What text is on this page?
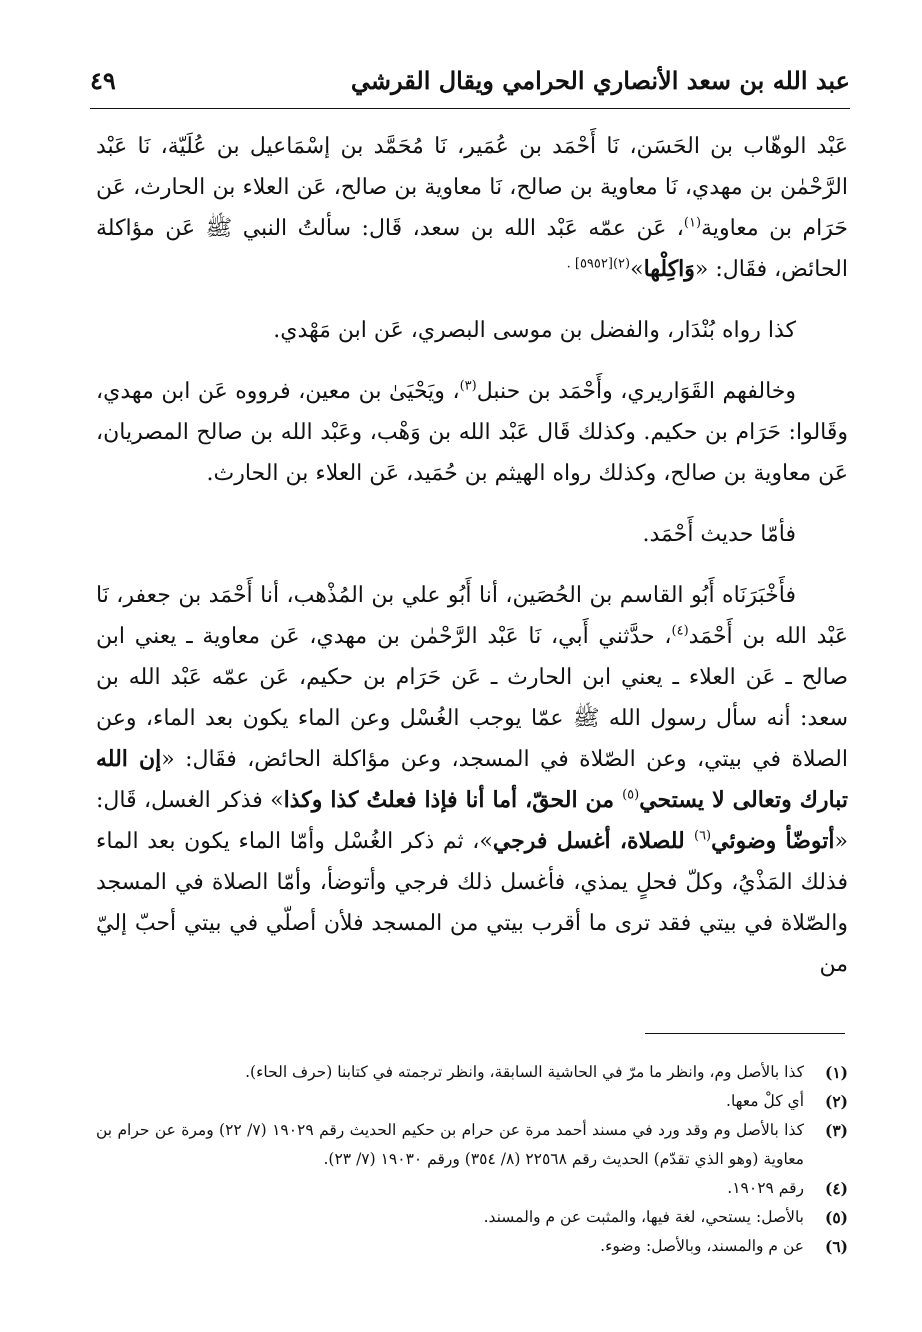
عبد الله بن سعد الأنصاري الحرامي ويقال القرشي
٤٩

عَبْد الوهّاب بن الحَسَن، نَا أَحْمَد بن عُمَير، نَا مُحَمَّد بن إسْمَاعيل بن عُلَيّة، نَا عَبْد الرَّحْمٰن بن مهدي، نَا معاوية بن صالح، نَا معاوية بن صالح، عَن العلاء بن الحارث، عَن حَرَام بن معاوية$^{(١)}$، عَن عمّه عَبْد الله بن سعد، قَال: سألتُ النبي ﷺ عَن مؤاكلة الحائض، فقَال: «وَاكِلْها»$^{(٢)[٥٩٥٢] .}$

كذا رواه بُنْدَار، والفضل بن موسى البصري، عَن ابن مَهْدي.

وخالفهم القَوَاريري، وأَحْمَد بن حنبل$^{(٣)}$، ويَحْيَىٰ بن معين، فرووه عَن ابن مهدي، وقَالوا: حَرَام بن حكيم. وكذلك قَال عَبْد الله بن وَهْب، وعَبْد الله بن صالح المصريان، عَن معاوية بن صالح، وكذلك رواه الهيثم بن حُمَيد، عَن العلاء بن الحارث.

فأمّا حديث أَحْمَد.

فأَخْبَرَنَاه أَبُو القاسم بن الحُصَين، أنا أَبُو علي بن المُذْهب، أنا أَحْمَد بن جعفر، نَا عَبْد الله بن أَحْمَد$^{(٤)}$، حدَّثني أَبي، نَا عَبْد الرَّحْمٰن بن مهدي، عَن معاوية ـ يعني ابن صالح ـ عَن العلاء ـ يعني ابن الحارث ـ عَن حَرَام بن حكيم، عَن عمّه عَبْد الله بن سعد: أنه سأل رسول الله ﷺ عمّا يوجب الغُسْل وعن الماء يكون بعد الماء، وعن الصلاة في بيتي، وعن الصّلاة في المسجد، وعن مؤاكلة الحائض، فقَال: «إن الله تبارك وتعالى لا يستحي$^{(٥)}$ من الحقّ، أما أنا فإذا فعلتُ كذا وكذا» فذكر الغسل، قَال: «أتوضّأ وضوئي$^{(٦)}$ للصلاة، أغسل فرجي»، ثم ذكر الغُسْل وأمّا الماء يكون بعد الماء فذلك المَذْيُ، وكلّ فحلٍ يمذي، فأغسل ذلك فرجي وأتوضأ، وأمّا الصلاة في المسجد والصّلاة في بيتي فقد ترى ما أقرب بيتي من المسجد فلأن أصلّي في بيتي أحبّ إليّ من

(١)
كذا بالأصل وم، وانظر ما مرّ في الحاشية السابقة، وانظر ترجمته في كتابنا (حرف الحاء).
(٢)
أي كلْ معها.
(٣)
كذا بالأصل وم وقد ورد في مسند أحمد مرة عن حرام بن حكيم الحديث رقم ١٩٠٢٩ (٧/ ٢٢) ومرة عن حرام بن معاوية (وهو الذي تقدّم) الحديث رقم ٢٢٥٦٨ (٨/ ٣٥٤) ورقم ١٩٠٣٠ (٧/ ٢٣).
(٤)
رقم ١٩٠٢٩.
(٥)
بالأصل: يستحي، لغة فيها، والمثبت عن م والمسند.
(٦)
عن م والمسند، وبالأصل: وضوء.
